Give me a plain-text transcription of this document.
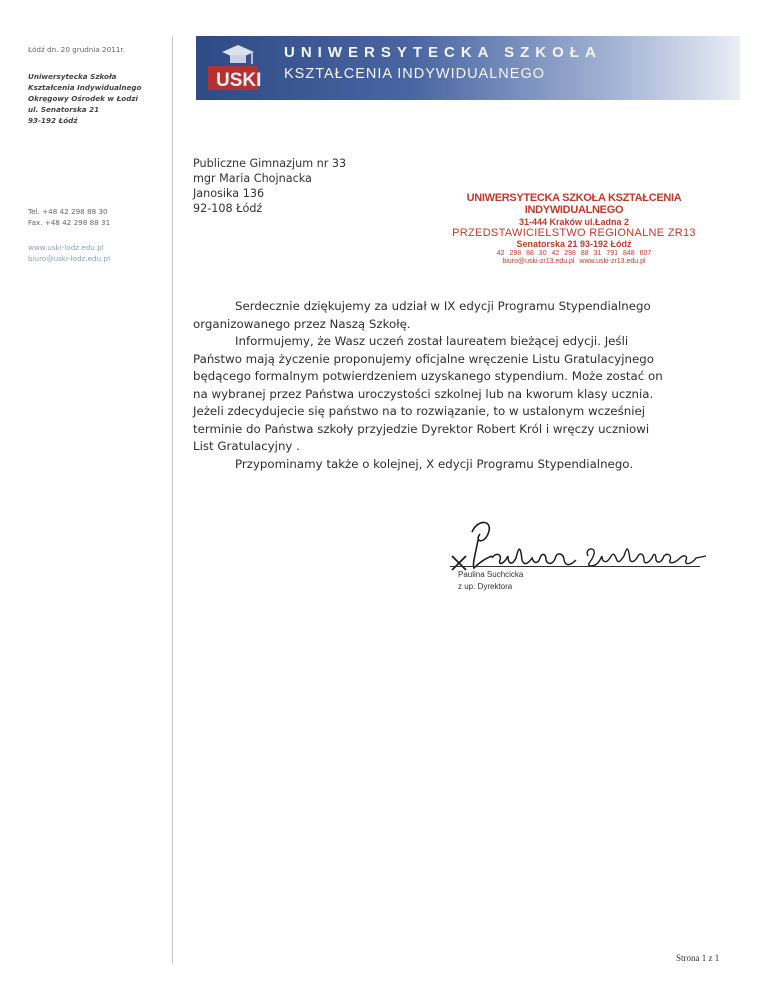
Łódź dn. 20 grudnia 2011r.
Uniwersytecka Szkoła
Kształcenia Indywidualnego
Okręgowy Ośrodek w Łodzi
ul. Senatorska 21
93-192 Łódź
Tel. +48 42 298 88 30
Fax. +48 42 298 88 31
www.uski-lodz.edu.pl
biuro@uski-lodz.edu.pl
USKI
UNIWERSYTECKA SZKOŁA
KSZTAŁCENIA INDYWIDUALNEGO
Publiczne Gimnazjum nr 33
mgr Maria Chojnacka
Janosika 136
92-108 Łódź
UNIWERSYTECKA SZKOŁA KSZTAŁCENIA INDYWIDUALNEGO
31-444 Kraków ul.Ładna 2
PRZEDSTAWICIELSTWO REGIONALNE ZR13
Senatorska 21 93-192 Łódź
42 298 88 30 42 298 88 31 791 848 607
biuro@uski-zr13.edu.pl www.uski-zr13.edu.pl

Serdecznie dziękujemy za udział w IX edycji Programu Stypendialnego organizowanego przez Naszą Szkołę.

Informujemy, że Wasz uczeń został laureatem bieżącej edycji. Jeśli Państwo mają życzenie proponujemy oficjalne wręczenie Listu Gratulacyjnego będącego formalnym potwierdzeniem uzyskanego stypendium. Może zostać on na wybranej przez Państwa uroczystości szkolnej lub na kworum klasy ucznia. Jeżeli zdecydujecie się państwo na to rozwiązanie, to w ustalonym wcześniej terminie do Państwa szkoły przyjedzie Dyrektor Robert Król i wręczy uczniowi List Gratulacyjny .

Przypominamy także o kolejnej, X edycji Programu Stypendialnego.

Paulina Suchcicka
z up. Dyrektora
Strona 1 z 1
